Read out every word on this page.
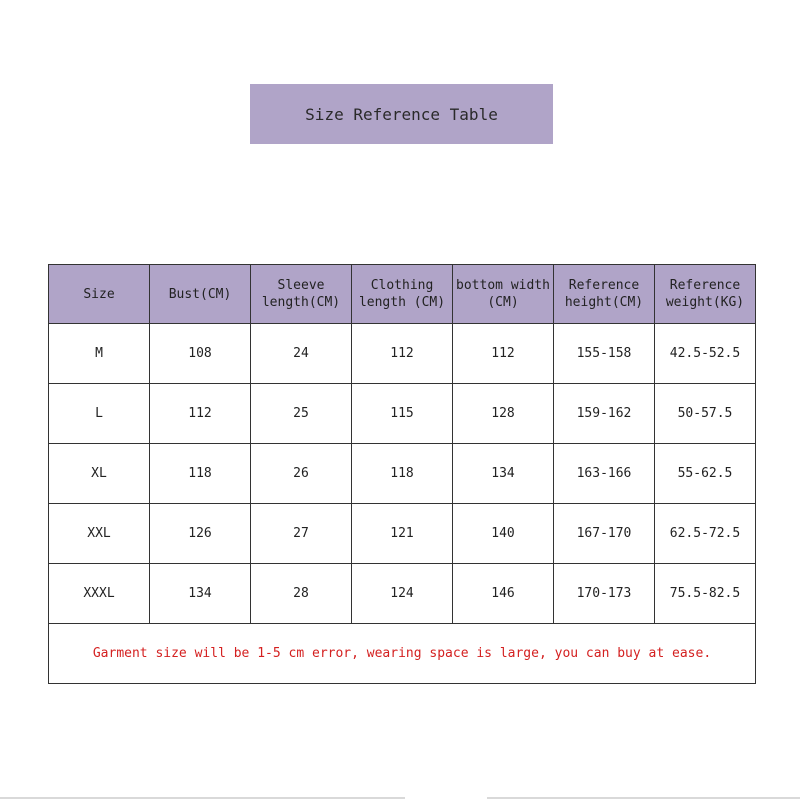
Size Reference Table
Size	Bust(CM)	Sleeve length(CM)	Clothing length (CM)	bottom width (CM)	Reference height(CM)	Reference weight(KG)
M	108	24	112	112	155-158	42.5-52.5
L	112	25	115	128	159-162	50-57.5
XL	118	26	118	134	163-166	55-62.5
XXL	126	27	121	140	167-170	62.5-72.5
XXXL	134	28	124	146	170-173	75.5-82.5
Garment size will be 1-5 cm error, wearing space is large, you can buy at ease.						
